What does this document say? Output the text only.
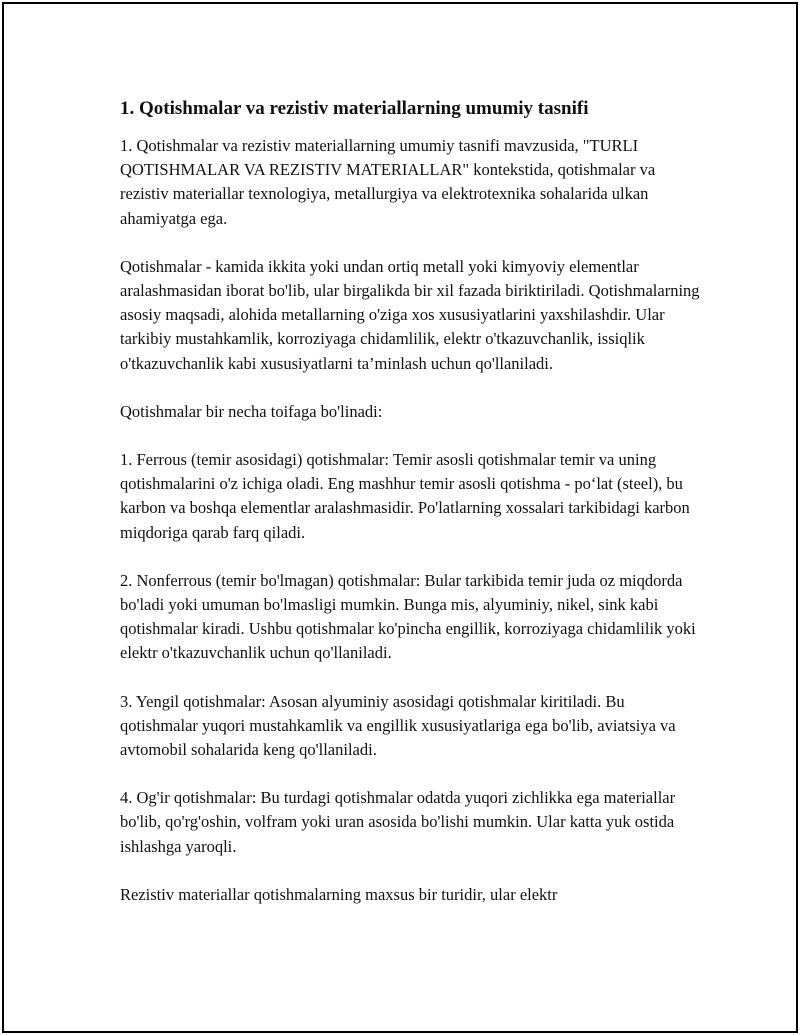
1. Qotishmalar va rezistiv materiallarning umumiy tasnifi

1. Qotishmalar va rezistiv materiallarning umumiy tasnifi mavzusida, "TURLI QOTISHMALAR VA REZISTIV MATERIALLAR" kontekstida, qotishmalar va rezistiv materiallar texnologiya, metallurgiya va elektrotexnika sohalarida ulkan ahamiyatga ega.

Qotishmalar - kamida ikkita yoki undan ortiq metall yoki kimyoviy elementlar aralashmasidan iborat bo'lib, ular birgalikda bir xil fazada biriktiriladi. Qotishmalarning asosiy maqsadi, alohida metallarning o'ziga xos xususiyatlarini yaxshilashdir. Ular tarkibiy mustahkamlik, korroziyaga chidamlilik, elektr o'tkazuvchanlik, issiqlik o'tkazuvchanlik kabi xususiyatlarni ta’minlash uchun qo'llaniladi.

Qotishmalar bir necha toifaga bo'linadi:

1. Ferrous (temir asosidagi) qotishmalar: Temir asosli qotishmalar temir va uning qotishmalarini o'z ichiga oladi. Eng mashhur temir asosli qotishma - po‘lat (steel), bu karbon va boshqa elementlar aralashmasidir. Po'latlarning xossalari tarkibidagi karbon miqdoriga qarab farq qiladi.

2. Nonferrous (temir bo'lmagan) qotishmalar: Bular tarkibida temir juda oz miqdorda bo'ladi yoki umuman bo'lmasligi mumkin. Bunga mis, alyuminiy, nikel, sink kabi qotishmalar kiradi. Ushbu qotishmalar ko'pincha engillik, korroziyaga chidamlilik yoki elektr o'tkazuvchanlik uchun qo'llaniladi.

3. Yengil qotishmalar: Asosan alyuminiy asosidagi qotishmalar kiritiladi. Bu qotishmalar yuqori mustahkamlik va engillik xususiyatlariga ega bo'lib, aviatsiya va avtomobil sohalarida keng qo'llaniladi.

4. Og'ir qotishmalar: Bu turdagi qotishmalar odatda yuqori zichlikka ega materiallar bo'lib, qo'rg'oshin, volfram yoki uran asosida bo'lishi mumkin. Ular katta yuk ostida ishlashga yaroqli.

Rezistiv materiallar qotishmalarning maxsus bir turidir, ular elektr
